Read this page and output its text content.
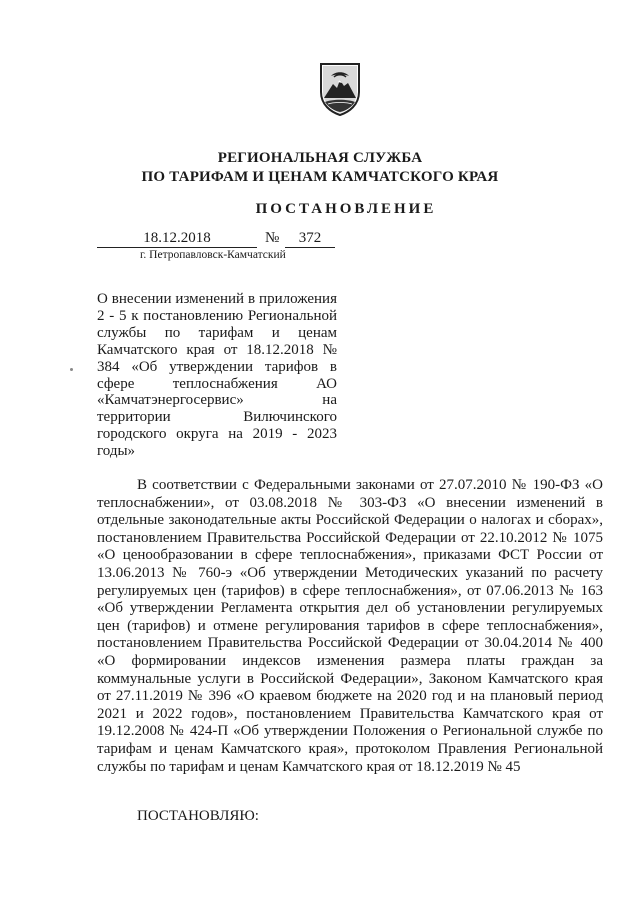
РЕГИОНАЛЬНАЯ СЛУЖБА
ПО ТАРИФАМ И ЦЕНАМ КАМЧАТСКОГО КРАЯ
ПОСТАНОВЛЕНИЕ
18.12.2018	№	372
г. Петропавловск-Камчатский
О внесении изменений в приложения 2 - 5 к постановлению Региональной службы по тарифам и ценам Камчатского края от 18.12.2018 № 384 «Об утверждении тарифов в сфере теплоснабжения АО «Камчатэнергосервис» на территории Вилючинского городского округа на 2019 - 2023 годы»
В соответствии с Федеральными законами от 27.07.2010 № 190-ФЗ «О теплоснабжении», от 03.08.2018 № 303-ФЗ «О внесении изменений в отдельные законодательные акты Российской Федерации о налогах и сборах», постановлением Правительства Российской Федерации от 22.10.2012 № 1075 «О ценообразовании в сфере теплоснабжения», приказами ФСТ России от 13.06.2013 № 760-э «Об утверждении Методических указаний по расчету регулируемых цен (тарифов) в сфере теплоснабжения», от 07.06.2013 № 163 «Об утверждении Регламента открытия дел об установлении регулируемых цен (тарифов) и отмене регулирования тарифов в сфере теплоснабжения», постановлением Правительства Российской Федерации от 30.04.2014 № 400 «О формировании индексов изменения размера платы граждан за коммунальные услуги в Российской Федерации», Законом Камчатского края от 27.11.2019 № 396 «О краевом бюджете на 2020 год и на плановый период 2021 и 2022 годов», постановлением Правительства Камчатского края от 19.12.2008 № 424-П «Об утверждении Положения о Региональной службе по тарифам и ценам Камчатского края», протоколом Правления Региональной службы по тарифам и ценам Камчатского края от 18.12.2019 № 45
ПОСТАНОВЛЯЮ:
